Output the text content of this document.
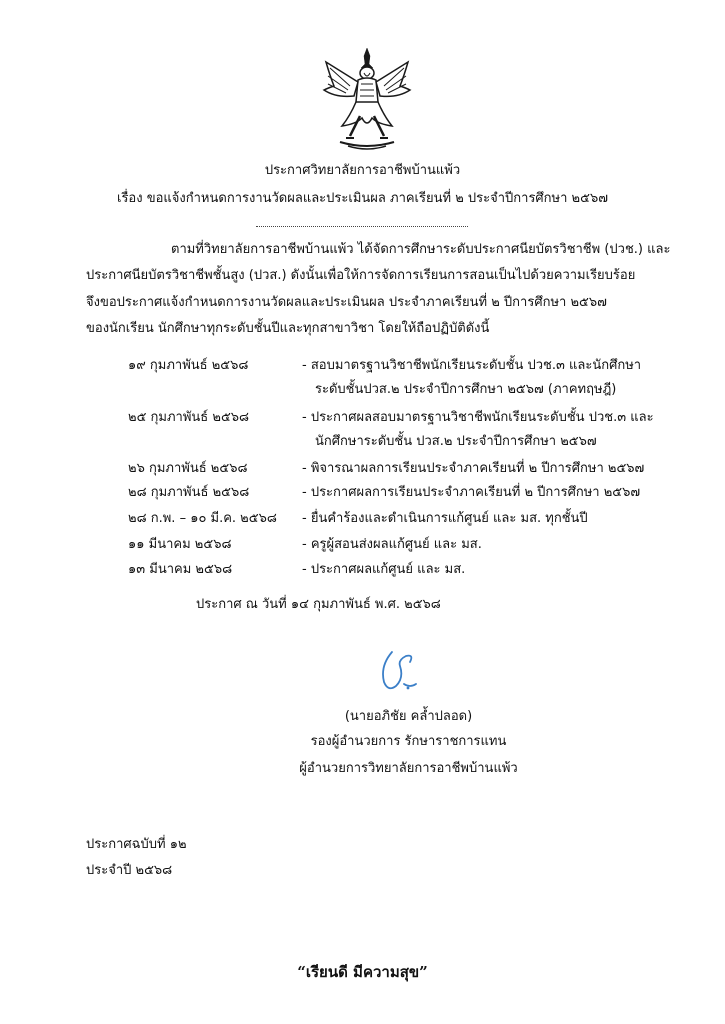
ประกาศวิทยาลัยการอาชีพบ้านแพ้ว
เรื่อง ขอแจ้งกำหนดการงานวัดผลและประเมินผล ภาคเรียนที่ ๒ ประจำปีการศึกษา ๒๕๖๗
ตามที่วิทยาลัยการอาชีพบ้านแพ้ว ได้จัดการศึกษาระดับประกาศนียบัตรวิชาชีพ (ปวช.) และ
ประกาศนียบัตรวิชาชีพชั้นสูง (ปวส.) ดังนั้นเพื่อให้การจัดการเรียนการสอนเป็นไปด้วยความเรียบร้อย
จึงขอประกาศแจ้งกำหนดการงานวัดผลและประเมินผล ประจำภาคเรียนที่ ๒ ปีการศึกษา ๒๕๖๗
ของนักเรียน นักศึกษาทุกระดับชั้นปีและทุกสาขาวิชา โดยให้ถือปฏิบัติดังนี้
๑๙ กุมภาพันธ์ ๒๕๖๘	- สอบมาตรฐานวิชาชีพนักเรียนระดับชั้น ปวช.๓ และนักศึกษา
ระดับชั้นปวส.๒ ประจำปีการศึกษา ๒๕๖๗ (ภาคทฤษฎี)
๒๕ กุมภาพันธ์ ๒๕๖๘	- ประกาศผลสอบมาตรฐานวิชาชีพนักเรียนระดับชั้น ปวช.๓ และ
นักศึกษาระดับชั้น ปวส.๒ ประจำปีการศึกษา ๒๕๖๗
๒๖ กุมภาพันธ์ ๒๕๖๘	- พิจารณาผลการเรียนประจำภาคเรียนที่ ๒ ปีการศึกษา ๒๕๖๗
๒๘ กุมภาพันธ์ ๒๕๖๘	- ประกาศผลการเรียนประจำภาคเรียนที่ ๒ ปีการศึกษา ๒๕๖๗
๒๘ ก.พ. – ๑๐ มี.ค. ๒๕๖๘ - ยื่นคำร้องและดำเนินการแก้ศูนย์ และ มส. ทุกชั้นปี
๑๑ มีนาคม ๒๕๖๘	- ครูผู้สอนส่งผลแก้ศูนย์ และ มส.
๑๓ มีนาคม ๒๕๖๘	- ประกาศผลแก้ศูนย์ และ มส.
ประกาศ ณ วันที่ ๑๔ กุมภาพันธ์ พ.ศ. ๒๕๖๘
(นายอภิชัย คล้ำปลอด)
รองผู้อำนวยการ รักษาราชการแทน
ผู้อำนวยการวิทยาลัยการอาชีพบ้านแพ้ว
ประกาศฉบับที่ ๑๒
ประจำปี ๒๕๖๘
“เรียนดี มีความสุข”
